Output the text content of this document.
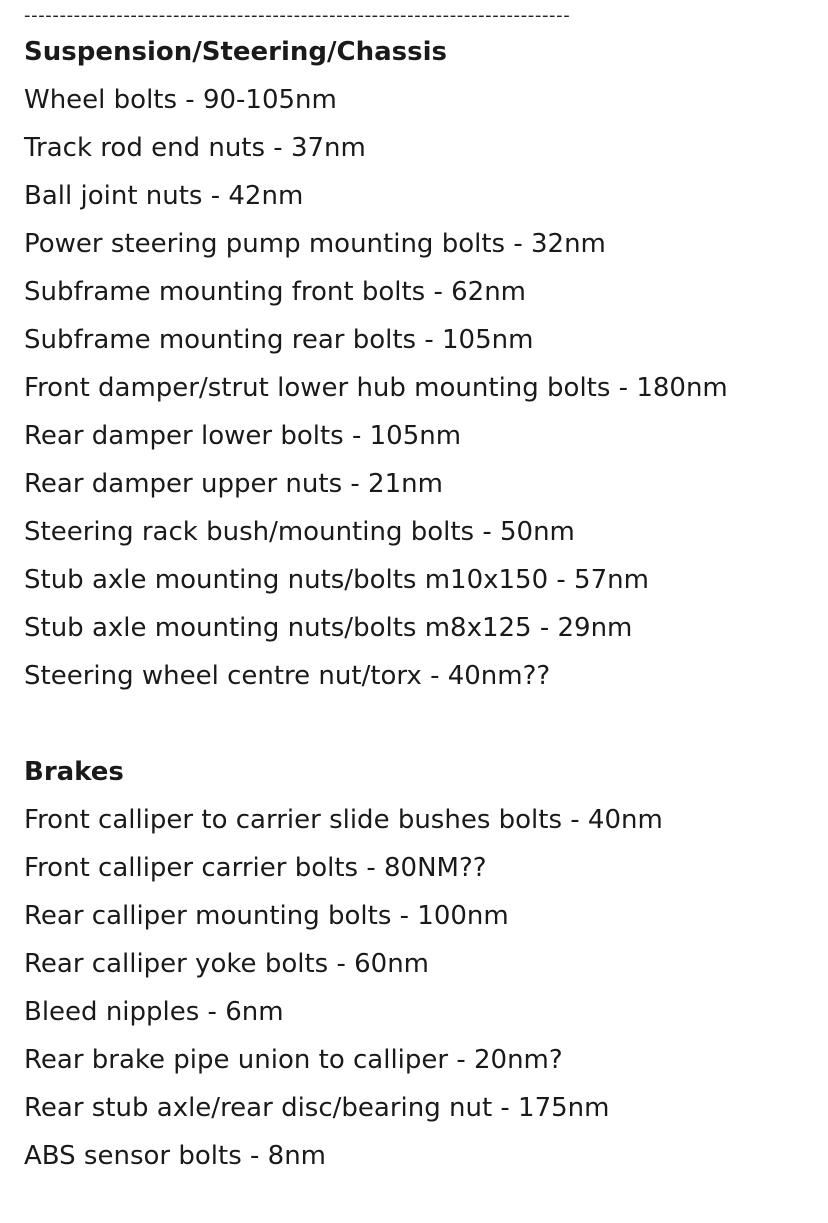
-----------------------------------------------------------------------------
Suspension/Steering/Chassis
Wheel bolts - 90-105nm
Track rod end nuts - 37nm
Ball joint nuts - 42nm
Power steering pump mounting bolts - 32nm
Subframe mounting front bolts - 62nm
Subframe mounting rear bolts - 105nm
Front damper/strut lower hub mounting bolts - 180nm
Rear damper lower bolts - 105nm
Rear damper upper nuts - 21nm
Steering rack bush/mounting bolts - 50nm
Stub axle mounting nuts/bolts m10x150 - 57nm
Stub axle mounting nuts/bolts m8x125 - 29nm
Steering wheel centre nut/torx - 40nm??
Brakes
Front calliper to carrier slide bushes bolts - 40nm
Front calliper carrier bolts - 80NM??
Rear calliper mounting bolts - 100nm
Rear calliper yoke bolts - 60nm
Bleed nipples - 6nm
Rear brake pipe union to calliper - 20nm?
Rear stub axle/rear disc/bearing nut - 175nm
ABS sensor bolts - 8nm
